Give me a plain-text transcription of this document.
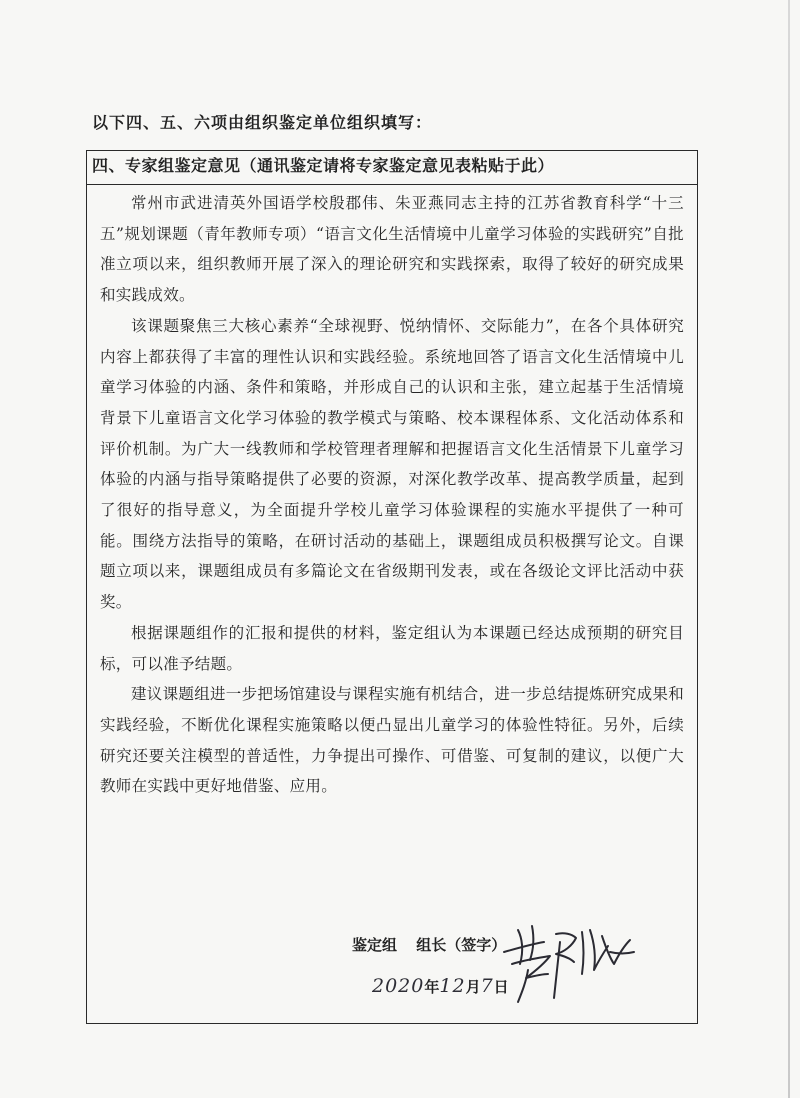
以下四、五、六项由组织鉴定单位组织填写：
四、专家组鉴定意见（通讯鉴定请将专家鉴定意见表粘贴于此）

常州市武进清英外国语学校殷郡伟、朱亚燕同志主持的江苏省教育科学“十三五”规划课题（青年教师专项）“语言文化生活情境中儿童学习体验的实践研究”自批准立项以来，组织教师开展了深入的理论研究和实践探索，取得了较好的研究成果和实践成效。

该课题聚焦三大核心素养“全球视野、悦纳情怀、交际能力”，在各个具体研究内容上都获得了丰富的理性认识和实践经验。系统地回答了语言文化生活情境中儿童学习体验的内涵、条件和策略，并形成自己的认识和主张，建立起基于生活情境背景下儿童语言文化学习体验的教学模式与策略、校本课程体系、文化活动体系和评价机制。为广大一线教师和学校管理者理解和把握语言文化生活情景下儿童学习体验的内涵与指导策略提供了必要的资源，对深化教学改革、提高教学质量，起到了很好的指导意义，为全面提升学校儿童学习体验课程的实施水平提供了一种可能。围绕方法指导的策略，在研讨活动的基础上，课题组成员积极撰写论文。自课题立项以来，课题组成员有多篇论文在省级期刊发表，或在各级论文评比活动中获奖。

根据课题组作的汇报和提供的材料，鉴定组认为本课题已经达成预期的研究目标，可以准予结题。

建议课题组进一步把场馆建设与课程实施有机结合，进一步总结提炼研究成果和实践经验，不断优化课程实施策略以便凸显出儿童学习的体验性特征。另外，后续研究还要关注模型的普适性，力争提出可操作、可借鉴、可复制的建议，以便广大教师在实践中更好地借鉴、应用。

鉴定组 组长（签字）
2020年12月7日
